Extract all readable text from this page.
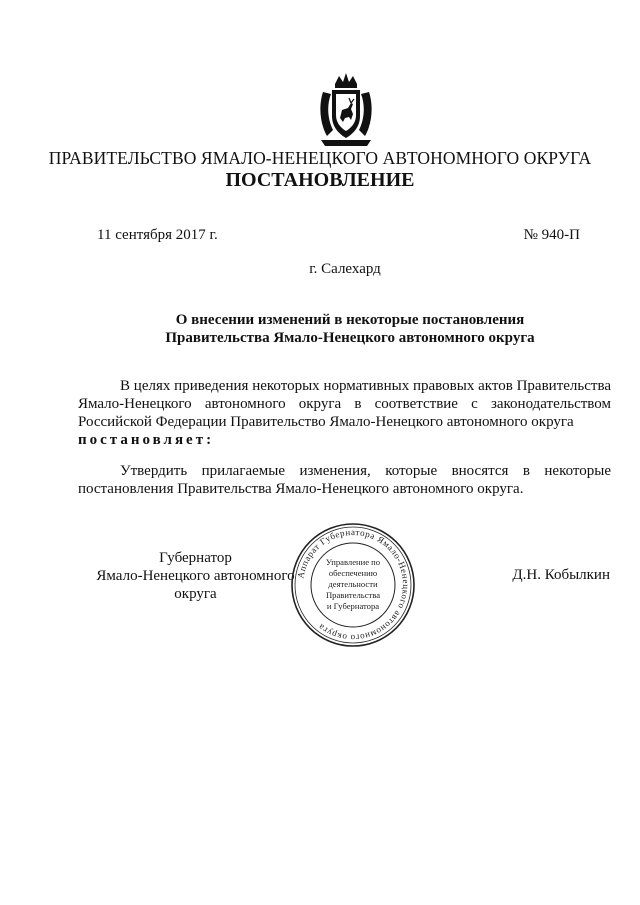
ПРАВИТЕЛЬСТВО ЯМАЛО-НЕНЕЦКОГО АВТОНОМНОГО ОКРУГА
ПОСТАНОВЛЕНИЕ
11 сентября 2017 г.	№ 940-П
г. Салехард
О внесении изменений в некоторые постановления
Правительства Ямало-Ненецкого автономного округа
В целях приведения некоторых нормативных правовых актов Правительства Ямало-Ненецкого автономного округа в соответствие с законодательством Российской Федерации Правительство Ямало-Ненецкого автономного округа
постановляет:
Утвердить прилагаемые изменения, которые вносятся в некоторые постановления Правительства Ямало-Ненецкого автономного округа.
Губернатор
Ямало-Ненецкого автономного округа
Д.Н. Кобылкин
Аппарат Губернатора Ямало-Ненецкого автономного округа
Управление по
обеспечению
деятельности
Правительства
и Губернатора
